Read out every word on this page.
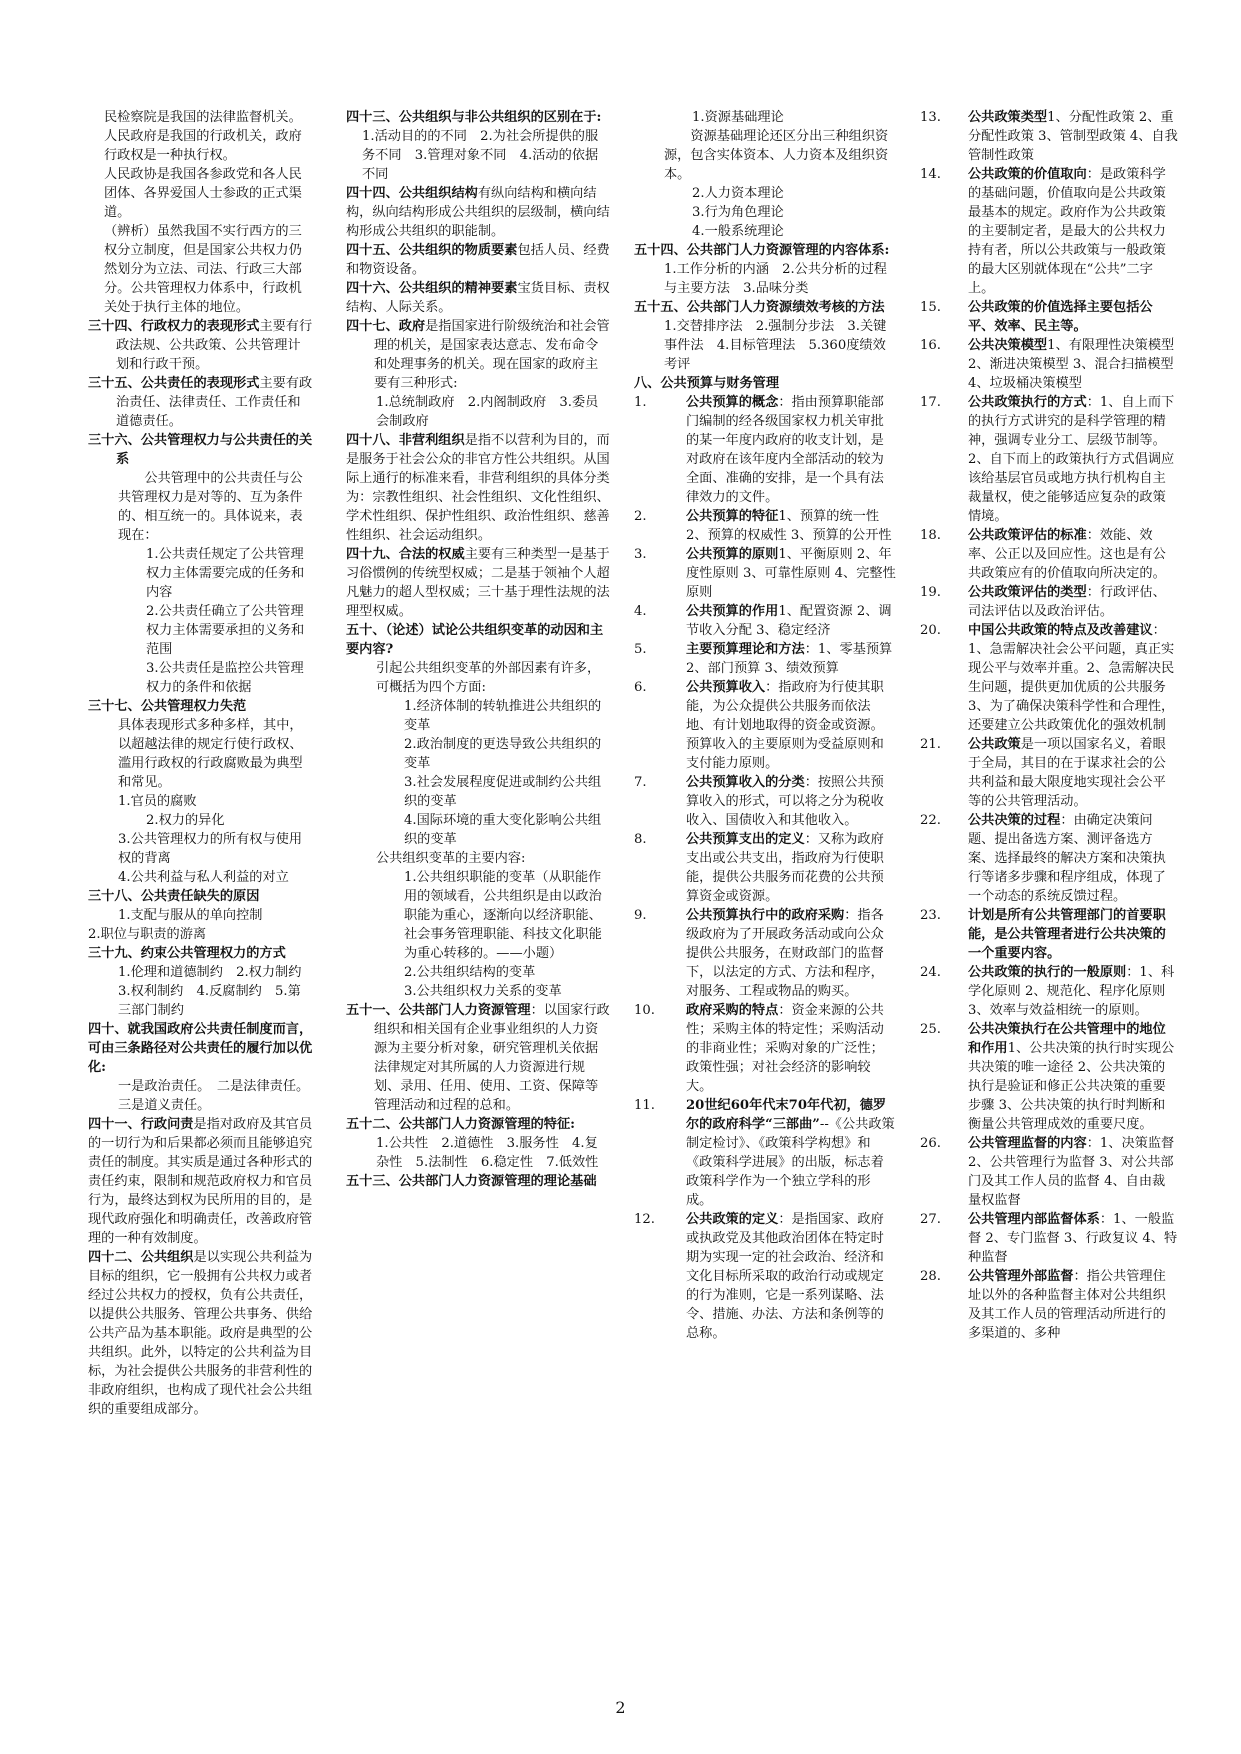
民检察院是我国的法律监督机关。

人民政府是我国的行政机关，政府行政权是一种执行权。

人民政协是我国各参政党和各人民团体、各界爱国人士参政的正式渠道。

（辨析）虽然我国不实行西方的三权分立制度，但是国家公共权力仍然划分为立法、司法、行政三大部分。公共管理权力体系中，行政机关处于执行主体的地位。

三十四、行政权力的表现形式主要有行政法规、公共政策、公共管理计划和行政干预。

三十五、公共责任的表现形式主要有政治责任、法律责任、工作责任和道德责任。

三十六、公共管理权力与公共责任的关系

公共管理中的公共责任与公共管理权力是对等的、互为条件的、相互统一的。具体说来，表现在：

1.公共责任规定了公共管理权力主体需要完成的任务和内容

2.公共责任确立了公共管理权力主体需要承担的义务和范围

3.公共责任是监控公共管理权力的条件和依据

三十七、公共管理权力失范

具体表现形式多种多样，其中，以超越法律的规定行使行政权、滥用行政权的行政腐败最为典型和常见。

1.官员的腐败

2.权力的异化

3.公共管理权力的所有权与使用权的背离

4.公共利益与私人利益的对立

三十八、公共责任缺失的原因

1.支配与服从的单向控制

2.职位与职责的游离

三十九、约束公共管理权力的方式

1.伦理和道德制约　2.权力制约　3.权利制约　4.反腐制约　5.第三部门制约

四十、就我国政府公共责任制度而言，可由三条路径对公共责任的履行加以优化:

一是政治责任。　二是法律责任。　三是道义责任。

四十一、行政问责是指对政府及其官员的一切行为和后果都必须而且能够追究责任的制度。其实质是通过各种形式的责任约束，限制和规范政府权力和官员行为，最终达到权为民所用的目的，是现代政府强化和明确责任，改善政府管理的一种有效制度。

四十二、公共组织是以实现公共利益为目标的组织，它一般拥有公共权力或者经过公共权力的授权，负有公共责任，以提供公共服务、管理公共事务、供给公共产品为基本职能。政府是典型的公共组织。此外，以特定的公共利益为目标，为社会提供公共服务的非营利性的非政府组织，也构成了现代社会公共组织的重要组成部分。

四十三、公共组织与非公共组织的区别在于:

1.活动目的的不同　2.为社会所提供的服务不同　3.管理对象不同　4.活动的依据不同

四十四、公共组织结构有纵向结构和横向结构，纵向结构形成公共组织的层级制，横向结构形成公共组织的职能制。

四十五、公共组织的物质要素包括人员、经费和物资设备。

四十六、公共组织的精神要素宝货目标、责权结构、人际关系。

四十七、政府是指国家进行阶级统治和社会管理的机关，是国家表达意志、发布命令和处理事务的机关。现在国家的政府主要有三种形式:

1.总统制政府　2.内阁制政府　3.委员会制政府

四十八、非营利组织是指不以营利为目的，而是服务于社会公众的非官方性公共组织。从国际上通行的标准来看，非营利组织的具体分类为：宗教性组织、社会性组织、文化性组织、学术性组织、保护性组织、政治性组织、慈善性组织、社会运动组织。

四十九、合法的权威主要有三种类型一是基于习俗惯例的传统型权威；二是基于领袖个人超凡魅力的超人型权威；三十基于理性法规的法理型权威。

五十、（论述）试论公共组织变革的动因和主要内容?

引起公共组织变革的外部因素有许多，可概括为四个方面:

1.经济体制的转轨推进公共组织的变革

2.政治制度的更迭导致公共组织的变革

3.社会发展程度促进或制约公共组织的变革

4.国际环境的重大变化影响公共组织的变革

公共组织变革的主要内容:

1.公共组织职能的变革（从职能作用的领域看，公共组织是由以政治职能为重心，逐渐向以经济职能、社会事务管理职能、科技文化职能为重心转移的。——小题）

2.公共组织结构的变革

3.公共组织权力关系的变革

五十一、公共部门人力资源管理：以国家行政组织和相关国有企业事业组织的人力资源为主要分析对象，研究管理机关依据法律规定对其所属的人力资源进行规划、录用、任用、使用、工资、保障等管理活动和过程的总和。

五十二、公共部门人力资源管理的特征:

1.公共性　2.道德性　3.服务性　4.复杂性　5.法制性　6.稳定性　7.低效性

五十三、公共部门人力资源管理的理论基础

1.资源基础理论

资源基础理论还区分出三种组织资源，包含实体资本、人力资本及组织资本。

2.人力资本理论

3.行为角色理论

4.一般系统理论

五十四、公共部门人力资源管理的内容体系:

1.工作分析的内涵　2.公共分析的过程与主要方法　3.品味分类

五十五、公共部门人力资源绩效考核的方法

1.交替排序法　2.强制分步法　3.关键事件法　4.目标管理法　5.360度绩效考评

八、公共预算与财务管理

1.	公共预算的概念：指由预算职能部门编制的经各级国家权力机关审批的某一年度内政府的收支计划，是对政府在该年度内全部活动的较为全面、准确的安排，是一个具有法律效力的文件。
2.	公共预算的特征1、预算的统一性 2、预算的权威性 3、预算的公开性
3.	公共预算的原则1、平衡原则 2、年度性原则 3、可靠性原则 4、完整性原则
4.	公共预算的作用1、配置资源 2、调节收入分配 3、稳定经济
5.	主要预算理论和方法：1、零基预算 2、部门预算 3、绩效预算
6.	公共预算收入：指政府为行使其职能，为公众提供公共服务而依法地、有计划地取得的资金或资源。预算收入的主要原则为受益原则和支付能力原则。
7.	公共预算收入的分类：按照公共预算收入的形式，可以将之分为税收收入、国债收入和其他收入。
8.	公共预算支出的定义：又称为政府支出或公共支出，指政府为行使职能，提供公共服务而花费的公共预算资金或资源。
9.	公共预算执行中的政府采购：指各级政府为了开展政务活动或向公众提供公共服务，在财政部门的监督下，以法定的方式、方法和程序，对服务、工程或物品的购买。
10.	政府采购的特点：资金来源的公共性；采购主体的特定性；采购活动的非商业性；采购对象的广泛性；政策性强；对社会经济的影响较大。
11.	20世纪60年代末70年代初，德罗尔的政府科学“三部曲”--《公共政策制定检讨》、《政策科学构想》和《政策科学进展》的出版，标志着政策科学作为一个独立学科的形成。
12.	公共政策的定义：是指国家、政府或执政党及其他政治团体在特定时期为实现一定的社会政治、经济和文化目标所采取的政治行动或规定的行为准则，它是一系列谋略、法令、措施、办法、方法和条例等的总称。
13.	公共政策类型1、分配性政策 2、重分配性政策 3、管制型政策 4、自我管制性政策
14.	公共政策的价值取向：是政策科学的基础问题，价值取向是公共政策最基本的规定。政府作为公共政策的主要制定者，是最大的公共权力持有者，所以公共政策与一般政策的最大区别就体现在“公共”二字上。
15.	公共政策的价值选择主要包括公平、效率、民主等。
16.	公共决策模型1、有限理性决策模型 2、渐进决策模型 3、混合扫描模型 4、垃圾桶决策模型
17.	公共政策执行的方式：1、自上而下的执行方式讲究的是科学管理的精神，强调专业分工、层级节制等。2、自下而上的政策执行方式倡调应该给基层官员或地方执行机构自主裁量权，使之能够适应复杂的政策情境。
18.	公共政策评估的标准：效能、效率、公正以及回应性。这也是有公共政策应有的价值取向所决定的。
19.	公共政策评估的类型：行政评估、司法评估以及政治评估。
20.	中国公共政策的特点及改善建议：1、急需解决社会公平问题，真正实现公平与效率并重。2、急需解决民生问题，提供更加优质的公共服务 3、为了确保决策科学性和合理性，还要建立公共政策优化的强效机制
21.	公共政策是一项以国家名义，着眼于全局，其目的在于谋求社会的公共利益和最大限度地实现社会公平等的公共管理活动。
22.	公共决策的过程：由确定决策问题、提出备选方案、测评备选方案、选择最终的解决方案和决策执行等诸多步骤和程序组成，体现了一个动态的系统反馈过程。
23.	计划是所有公共管理部门的首要职能，是公共管理者进行公共决策的一个重要内容。
24.	公共政策的执行的一般原则：1、科学化原则 2、规范化、程序化原则 3、效率与效益相统一的原则。
25.	公共决策执行在公共管理中的地位和作用1、公共决策的执行时实现公共决策的唯一途径 2、公共决策的执行是验证和修正公共决策的重要步骤 3、公共决策的执行时判断和衡量公共管理成效的重要尺度。
26.	公共管理监督的内容：1、决策监督 2、公共管理行为监督 3、对公共部门及其工作人员的监督 4、自由裁量权监督
27.	公共管理内部监督体系：1、一般监督 2、专门监督 3、行政复议 4、特种监督
28.	公共管理外部监督：指公共管理住址以外的各种监督主体对公共组织及其工作人员的管理活动所进行的多渠道的、多种
2
